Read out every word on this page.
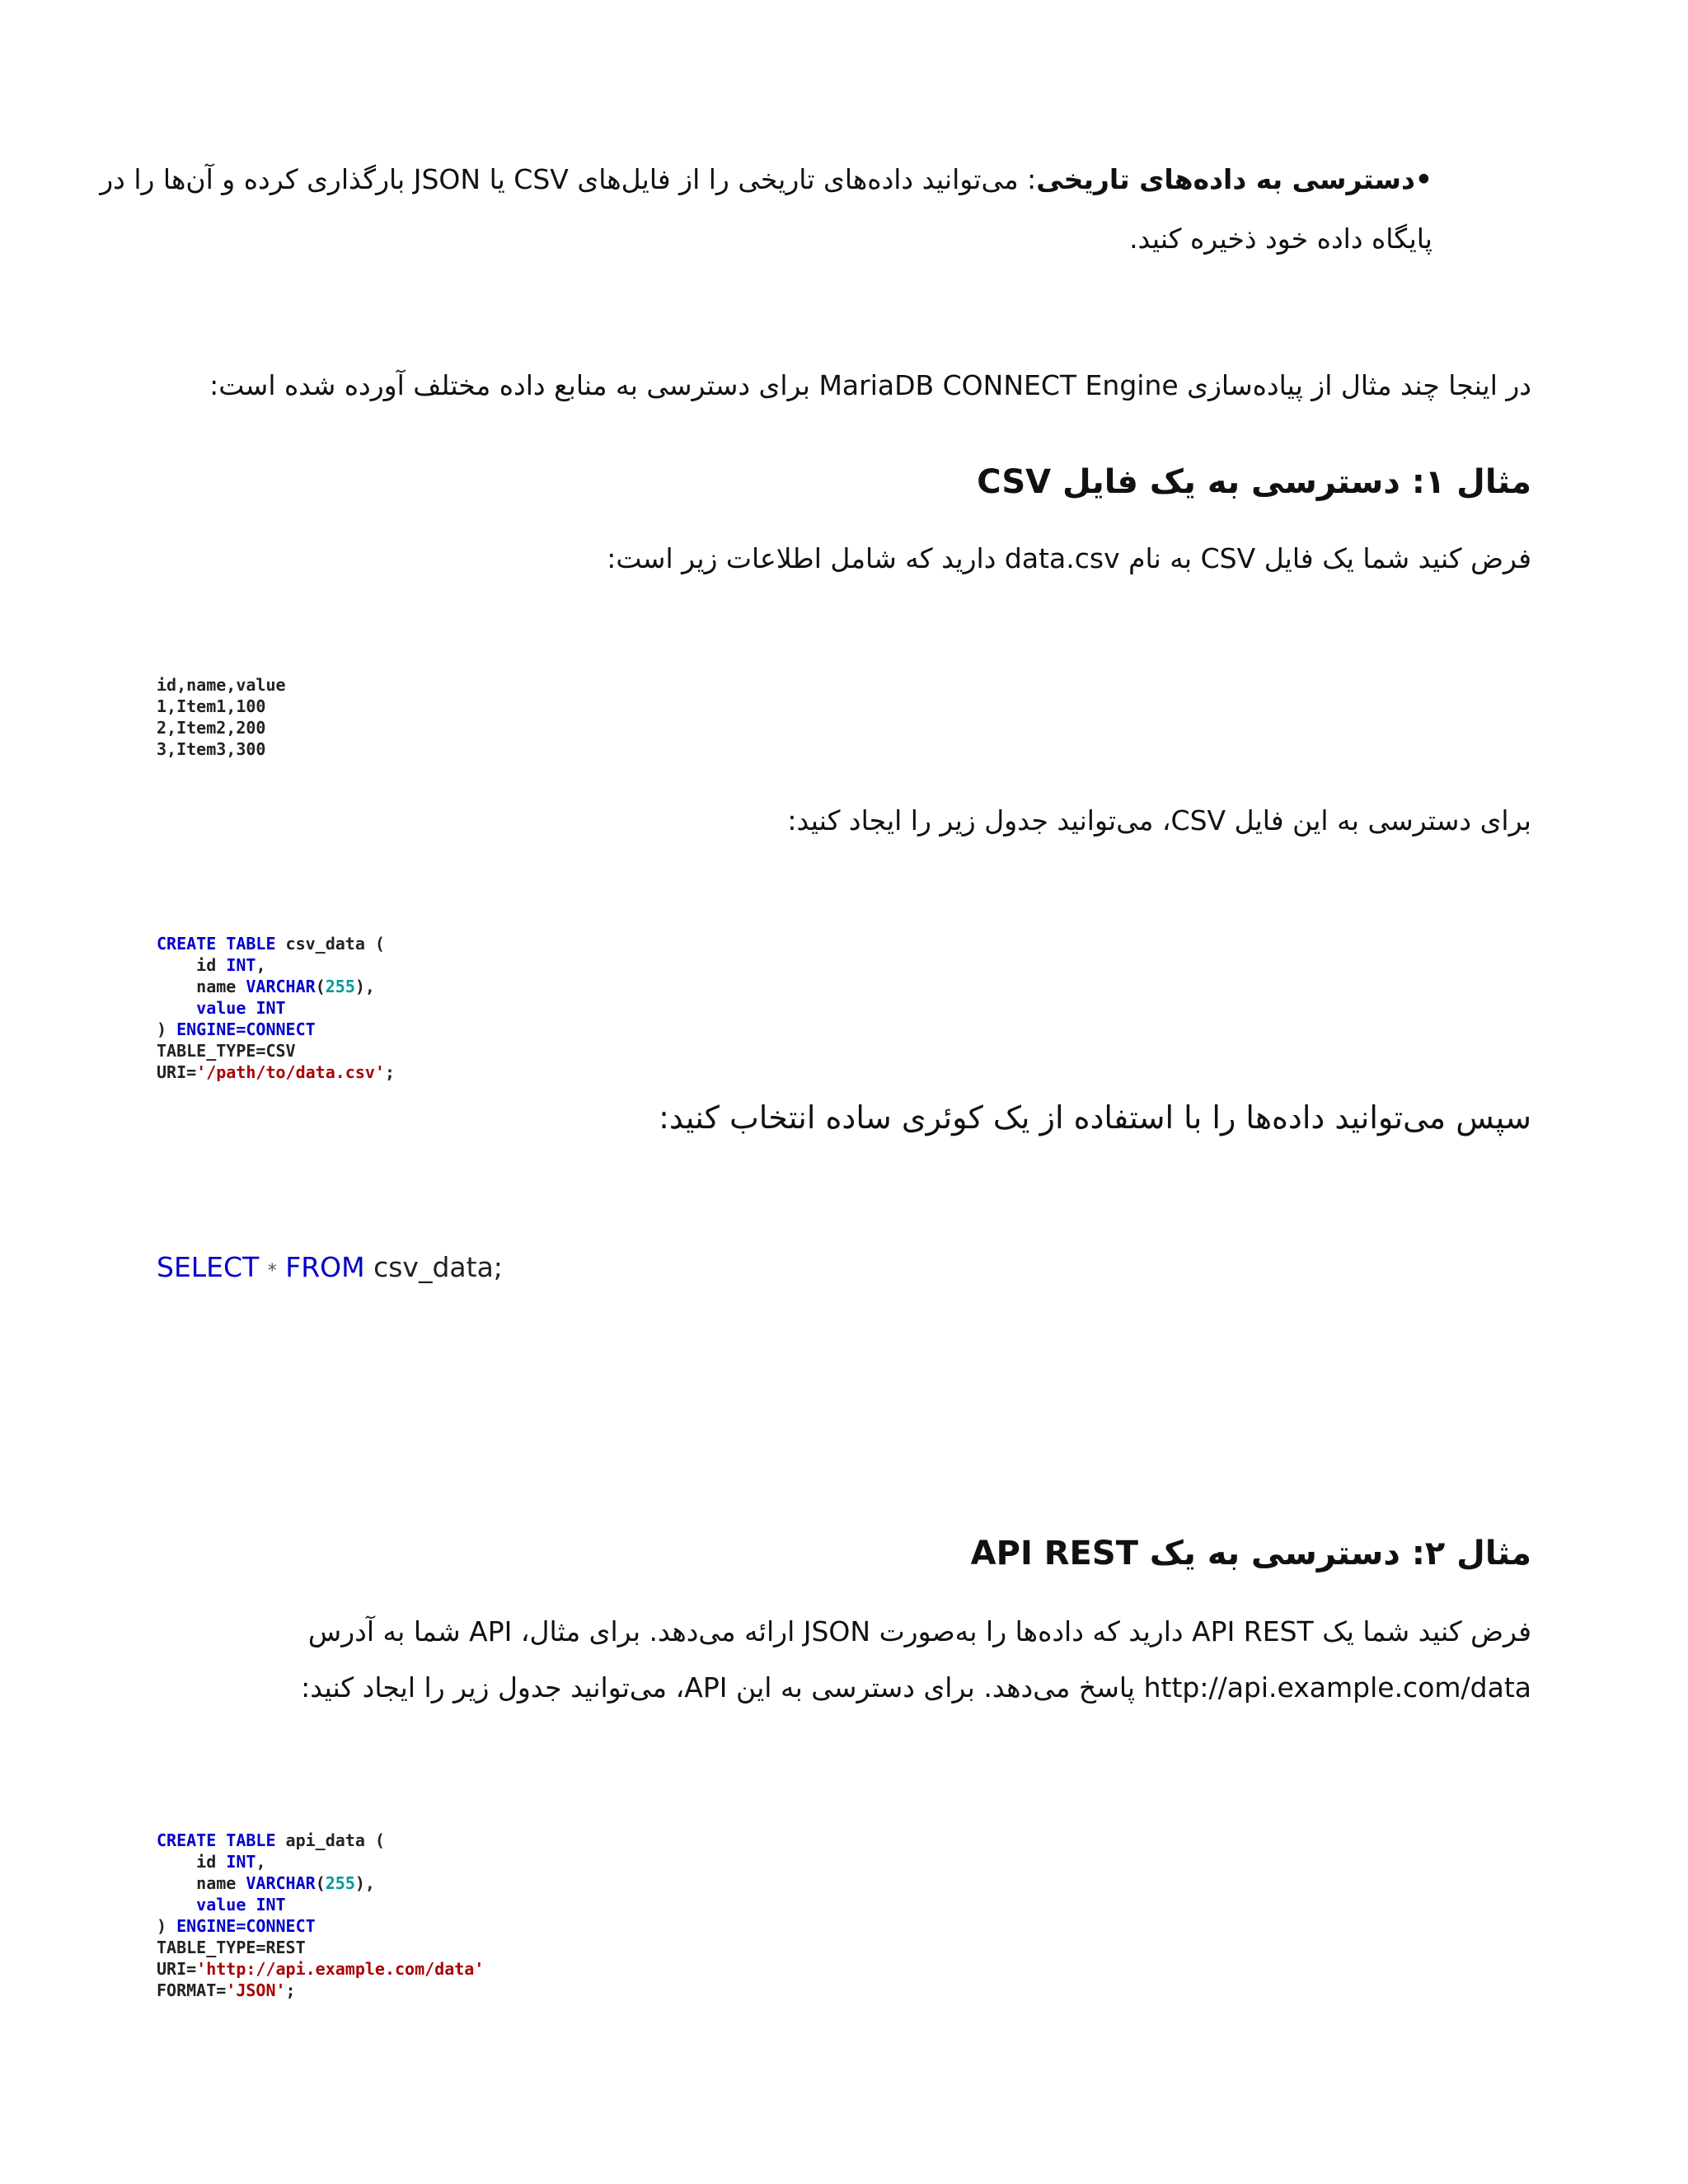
•دسترسی به داده‌های تاریخی: می‌توانید داده‌های تاریخی را از فایل‌های CSV یا JSON بارگذاری کرده و آن‌ها را در پایگاه داده خود ذخیره کنید.
در اینجا چند مثال از پیاده‌سازی MariaDB CONNECT Engine برای دسترسی به منابع داده مختلف آورده شده است:
مثال ۱: دسترسی به یک فایل CSV
فرض کنید شما یک فایل CSV به نام data.csv دارید که شامل اطلاعات زیر است:
id,name,value
1,Item1,100
2,Item2,200
3,Item3,300
برای دسترسی به این فایل CSV، می‌توانید جدول زیر را ایجاد کنید:
CREATE TABLE csv_data (
id INT,
name VARCHAR(255),
value INT
) ENGINE=CONNECT
TABLE_TYPE=CSV
URI='/path/to/data.csv';
سپس می‌توانید داده‌ها را با استفاده از یک کوئری ساده انتخاب کنید:
SELECT * FROM csv_data;
مثال ۲: دسترسی به یک API REST
فرض کنید شما یک API REST دارید که داده‌ها را به‌صورت JSON ارائه می‌دهد. برای مثال، API شما به آدرس http://api.example.com/data پاسخ می‌دهد. برای دسترسی به این API، می‌توانید جدول زیر را ایجاد کنید:
CREATE TABLE api_data (
id INT,
name VARCHAR(255),
value INT
) ENGINE=CONNECT
TABLE_TYPE=REST
URI='http://api.example.com/data'
FORMAT='JSON';
